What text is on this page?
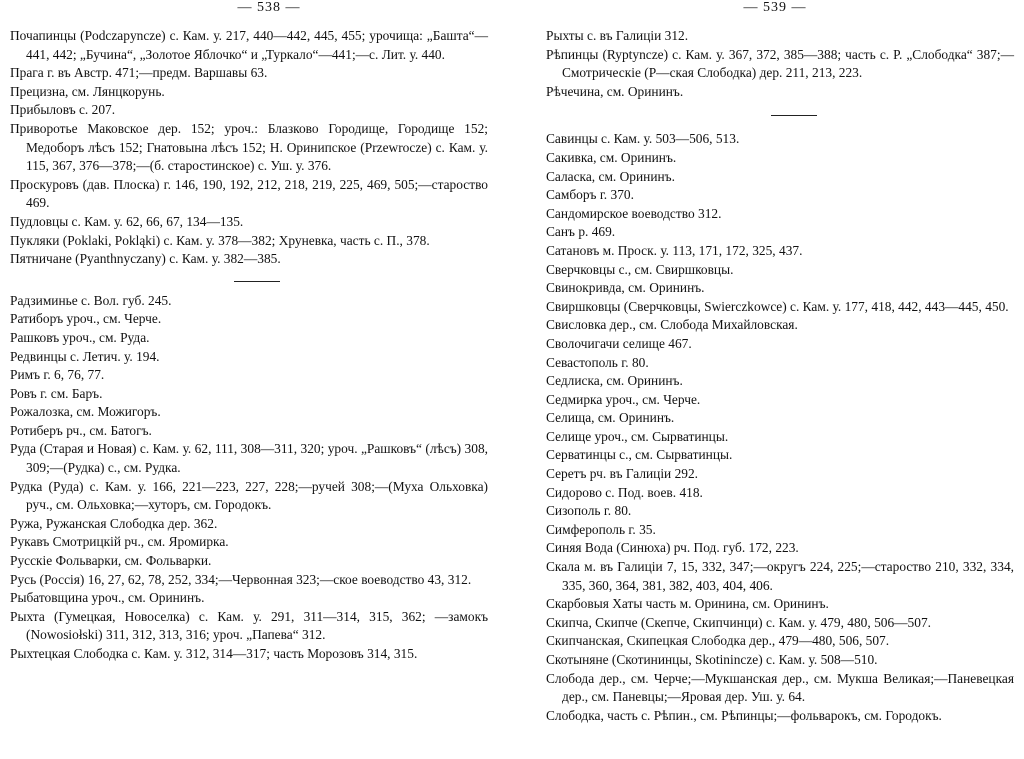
— 538 —
Почапинцы (Podczapyncze) с. Кам. у. 217, 440—442, 445, 455; урочища: „Башта“—441, 442; „Бучина“, „Золотое Яблочко“ и „Туркало“—441;—с. Лит. у. 440.
Прага г. въ Австр. 471;—предм. Варшавы 63.
Прецизна, см. Лянцкорунь.
Прибыловъ с. 207.
Приворотье Маковское дер. 152; уроч.: Блазково Городище, Городище 152; Медоборъ лѣсъ 152; Гнатовына лѣсъ 152; Н. Оринипское (Przewrocze) с. Кам. у. 115, 367, 376—378;—(б. старостинское) с. Уш. у. 376.
Проскуровъ (дав. Плоска) г. 146, 190, 192, 212, 218, 219, 225, 469, 505;—староство 469.
Пудловцы с. Кам. у. 62, 66, 67, 134—135.
Пукляки (Poklaki, Pokląki) с. Кам. у. 378—382; Хруневка, часть с. П., 378.
Пятничане (Pyanthnyczany) с. Кам. у. 382—385.
Радзиминье с. Вол. губ. 245.
Ратиборъ уроч., см. Черче.
Рашковъ уроч., см. Руда.
Редвинцы с. Летич. у. 194.
Римъ г. 6, 76, 77.
Ровъ г. см. Баръ.
Рожалозка, см. Можигоръ.
Ротиберъ рч., см. Батогъ.
Руда (Старая и Новая) с. Кам. у. 62, 111, 308—311, 320; уроч. „Рашковъ“ (лѣсъ) 308, 309;—(Рудка) с., см. Рудка.
Рудка (Руда) с. Кам. у. 166, 221—223, 227, 228;—ручей 308;—(Муха Ольховка) руч., см. Ольховка;—хуторъ, см. Городокъ.
Ружа, Ружанская Слободка дер. 362.
Рукавъ Смотрицкій рч., см. Яромирка.
Русскіе Фольварки, см. Фольварки.
Русь (Россія) 16, 27, 62, 78, 252, 334;—Червонная 323;—ское воеводство 43, 312.
Рыбатовщина уроч., см. Орининъ.
Рыхта (Гумецкая, Новоселка) с. Кам. у. 291, 311—314, 315, 362; —замокъ (Nowosiołski) 311, 312, 313, 316; уроч. „Папева“ 312.
Рыхтецкая Слободка с. Кам. у. 312, 314—317; часть Морозовъ 314, 315.
— 539 —
Рыхты с. въ Галиціи 312.
Рѣпинцы (Ryptyncze) с. Кам. у. 367, 372, 385—388; часть с. Р. „Слободка“ 387;—Смотрическіе (Р—ская Слободка) дер. 211, 213, 223.
Рѣчечина, см. Орининъ.
Савинцы с. Кам. у. 503—506, 513.
Сакивка, см. Орининъ.
Саласка, см. Орининъ.
Самборъ г. 370.
Сандомирское воеводство 312.
Санъ р. 469.
Сатановъ м. Проск. у. 113, 171, 172, 325, 437.
Сверчковцы с., см. Свиршковцы.
Свинокривда, см. Орининъ.
Свиршковцы (Сверчковцы, Swierczkowce) с. Кам. у. 177, 418, 442, 443—445, 450.
Свисловка дер., см. Слобода Михайловская.
Сволочигачи селище 467.
Севастополь г. 80.
Седлиска, см. Орининъ.
Седмирка уроч., см. Черче.
Селища, см. Орининъ.
Селище уроч., см. Сырватинцы.
Серватинцы с., см. Сырватинцы.
Серетъ рч. въ Галиціи 292.
Сидорово с. Под. воев. 418.
Сизополь г. 80.
Симферополь г. 35.
Синяя Вода (Синюха) рч. Под. губ. 172, 223.
Скала м. въ Галиціи 7, 15, 332, 347;—округъ 224, 225;—староство 210, 332, 334, 335, 360, 364, 381, 382, 403, 404, 406.
Скарбовыя Хаты часть м. Оринина, см. Орининъ.
Скипча, Скипче (Скепче, Скипчинци) с. Кам. у. 479, 480, 506—507.
Скипчанская, Скипецкая Слободка дер., 479—480, 506, 507.
Скотыняне (Скотининцы, Skotinincze) с. Кам. у. 508—510.
Слобода дер., см. Черче;—Мукшанская дер., см. Мукша Великая;—Паневецкая дер., см. Паневцы;—Яровая дер. Уш. у. 64.
Слободка, часть с. Рѣпин., см. Рѣпинцы;—фольварокъ, см. Городокъ.
